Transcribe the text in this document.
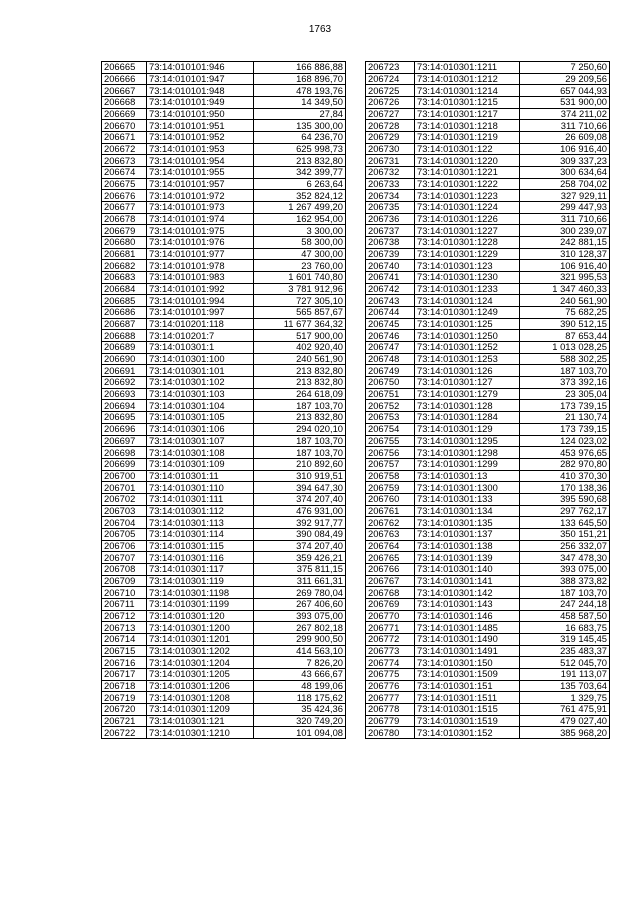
1763
206665	73:14:010101:946	166 886,88
206666	73:14:010101:947	168 896,70
206667	73:14:010101:948	478 193,76
206668	73:14:010101:949	14 349,50
206669	73:14:010101:950	27,84
206670	73:14:010101:951	135 300,00
206671	73:14:010101:952	64 236,70
206672	73:14:010101:953	625 998,73
206673	73:14:010101:954	213 832,80
206674	73:14:010101:955	342 399,77
206675	73:14:010101:957	6 263,64
206676	73:14:010101:972	352 824,12
206677	73:14:010101:973	1 267 499,20
206678	73:14:010101:974	162 954,00
206679	73:14:010101:975	3 300,00
206680	73:14:010101:976	58 300,00
206681	73:14:010101:977	47 300,00
206682	73:14:010101:978	23 760,00
206683	73:14:010101:983	1 601 740,80
206684	73:14:010101:992	3 781 912,96
206685	73:14:010101:994	727 305,10
206686	73:14:010101:997	565 857,67
206687	73:14:010201:118	11 677 364,32
206688	73:14:010201:7	517 900,00
206689	73:14:010301:1	402 920,40
206690	73:14:010301:100	240 561,90
206691	73:14:010301:101	213 832,80
206692	73:14:010301:102	213 832,80
206693	73:14:010301:103	264 618,09
206694	73:14:010301:104	187 103,70
206695	73:14:010301:105	213 832,80
206696	73:14:010301:106	294 020,10
206697	73:14:010301:107	187 103,70
206698	73:14:010301:108	187 103,70
206699	73:14:010301:109	210 892,60
206700	73:14:010301:11	310 919,51
206701	73:14:010301:110	394 647,30
206702	73:14:010301:111	374 207,40
206703	73:14:010301:112	476 931,00
206704	73:14:010301:113	392 917,77
206705	73:14:010301:114	390 084,49
206706	73:14:010301:115	374 207,40
206707	73:14:010301:116	359 426,21
206708	73:14:010301:117	375 811,15
206709	73:14:010301:119	311 661,31
206710	73:14:010301:1198	269 780,04
206711	73:14:010301:1199	267 406,60
206712	73:14:010301:120	393 075,00
206713	73:14:010301:1200	267 802,18
206714	73:14:010301:1201	299 900,50
206715	73:14:010301:1202	414 563,10
206716	73:14:010301:1204	7 826,20
206717	73:14:010301:1205	43 666,67
206718	73:14:010301:1206	48 199,06
206719	73:14:010301:1208	118 175,62
206720	73:14:010301:1209	35 424,36
206721	73:14:010301:121	320 749,20
206722	73:14:010301:1210	101 094,08
206723	73:14:010301:1211	7 250,60
206724	73:14:010301:1212	29 209,56
206725	73:14:010301:1214	657 044,93
206726	73:14:010301:1215	531 900,00
206727	73:14:010301:1217	374 211,02
206728	73:14:010301:1218	311 710,66
206729	73:14:010301:1219	26 609,08
206730	73:14:010301:122	106 916,40
206731	73:14:010301:1220	309 337,23
206732	73:14:010301:1221	300 634,64
206733	73:14:010301:1222	258 704,02
206734	73:14:010301:1223	327 929,11
206735	73:14:010301:1224	299 447,93
206736	73:14:010301:1226	311 710,66
206737	73:14:010301:1227	300 239,07
206738	73:14:010301:1228	242 881,15
206739	73:14:010301:1229	310 128,37
206740	73:14:010301:123	106 916,40
206741	73:14:010301:1230	321 995,53
206742	73:14:010301:1233	1 347 460,33
206743	73:14:010301:124	240 561,90
206744	73:14:010301:1249	75 682,25
206745	73:14:010301:125	390 512,15
206746	73:14:010301:1250	87 653,44
206747	73:14:010301:1252	1 013 028,25
206748	73:14:010301:1253	588 302,25
206749	73:14:010301:126	187 103,70
206750	73:14:010301:127	373 392,16
206751	73:14:010301:1279	23 305,04
206752	73:14:010301:128	173 739,15
206753	73:14:010301:1284	21 130,74
206754	73:14:010301:129	173 739,15
206755	73:14:010301:1295	124 023,02
206756	73:14:010301:1298	453 976,65
206757	73:14:010301:1299	282 970,80
206758	73:14:010301:13	410 370,30
206759	73:14:010301:1300	170 138,36
206760	73:14:010301:133	395 590,68
206761	73:14:010301:134	297 762,17
206762	73:14:010301:135	133 645,50
206763	73:14:010301:137	350 151,21
206764	73:14:010301:138	256 332,07
206765	73:14:010301:139	347 478,30
206766	73:14:010301:140	393 075,00
206767	73:14:010301:141	388 373,82
206768	73:14:010301:142	187 103,70
206769	73:14:010301:143	247 244,18
206770	73:14:010301:146	458 587,50
206771	73:14:010301:1485	16 683,75
206772	73:14:010301:1490	319 145,45
206773	73:14:010301:1491	235 483,37
206774	73:14:010301:150	512 045,70
206775	73:14:010301:1509	191 113,07
206776	73:14:010301:151	135 703,64
206777	73:14:010301:1511	1 329,75
206778	73:14:010301:1515	761 475,91
206779	73:14:010301:1519	479 027,40
206780	73:14:010301:152	385 968,20
